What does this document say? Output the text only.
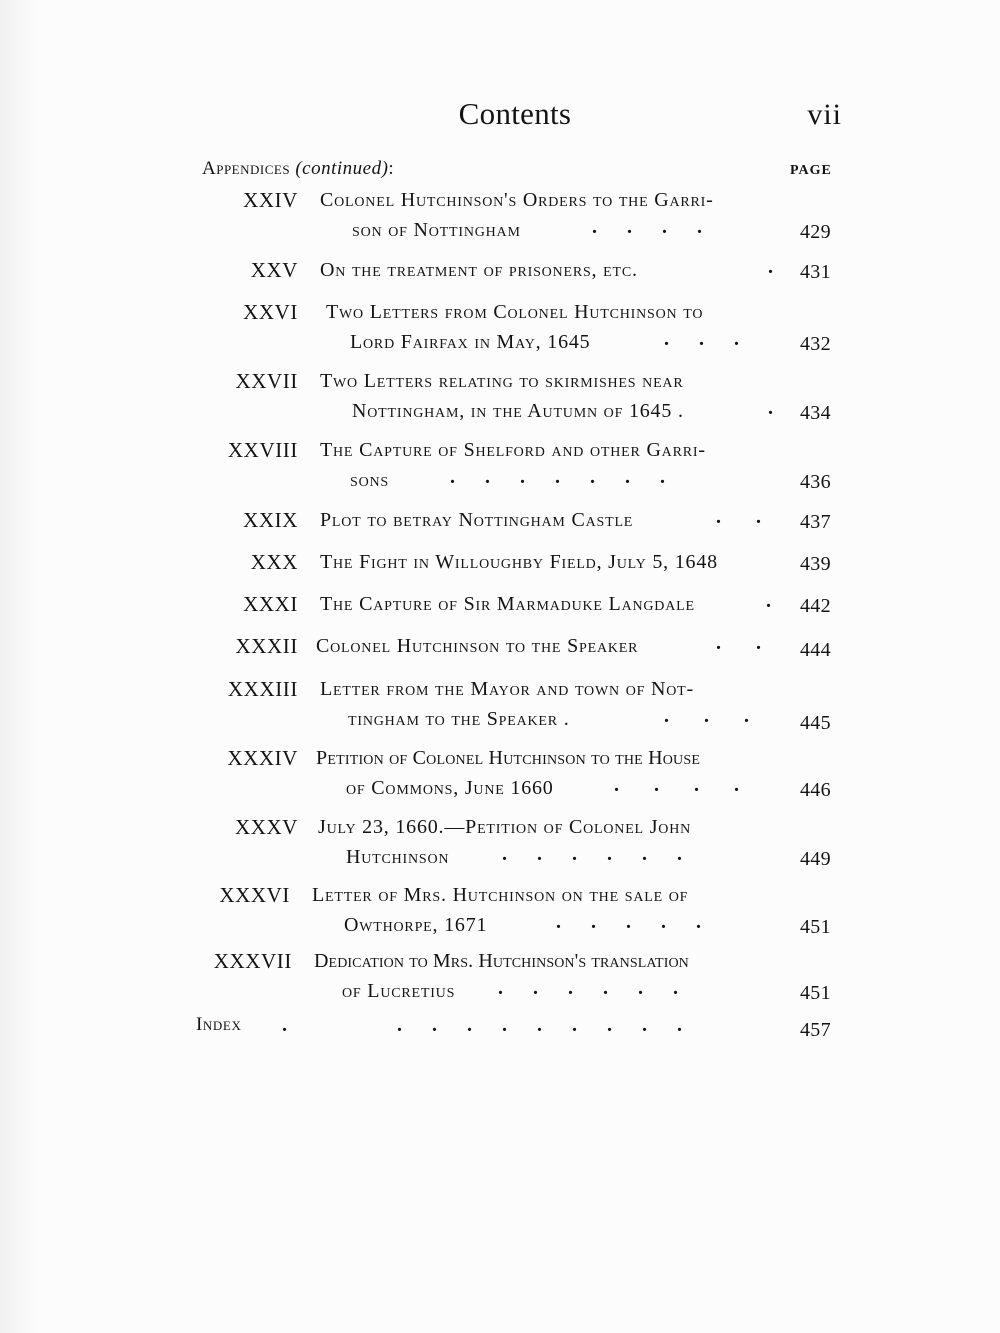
Contents	vii
Appendices (continued):	PAGE
XXIV Colonel Hutchinson's Orders to the Garri-
son of Nottingham	.      .      .      .	429
XXV On the treatment of prisoners, etc.	. 431
XXVI Two Letters from Colonel Hutchinson to
Lord Fairfax in May, 1645	.      .      .	432
XXVII Two Letters relating to skirmishes near
Nottingham, in the Autumn of 1645 .	. 434
XXVIII The Capture of Shelford and other Garri-
sons	.      .      .      .      .      .      .	436
XXIX Plot to betray Nottingham Castle	.       . 437
XXX The Fight in Willoughby Field, July 5, 1648	439
XXXI The Capture of Sir Marmaduke Langdale	. 442
XXXII Colonel Hutchinson to the Speaker	.       . 444
XXXIII Letter from the Mayor and town of Not-
tingham to the Speaker .	.       .       .	445
XXXIV Petition of Colonel Hutchinson to the House
of Commons, June 1660	.       .       .       .	446
XXXV July 23, 1660.—Petition of Colonel John
Hutchinson	.      .      .      .      .      .	449
XXXVI Letter of Mrs. Hutchinson on the sale of
Owthorpe, 1671	.      .      .      .      .	451
XXXVII Dedication to Mrs. Hutchinson's translation
of Lucretius	.      .      .      .      .      .	451
Index .                      .      .      .      .      .      .      .      .      .	457
